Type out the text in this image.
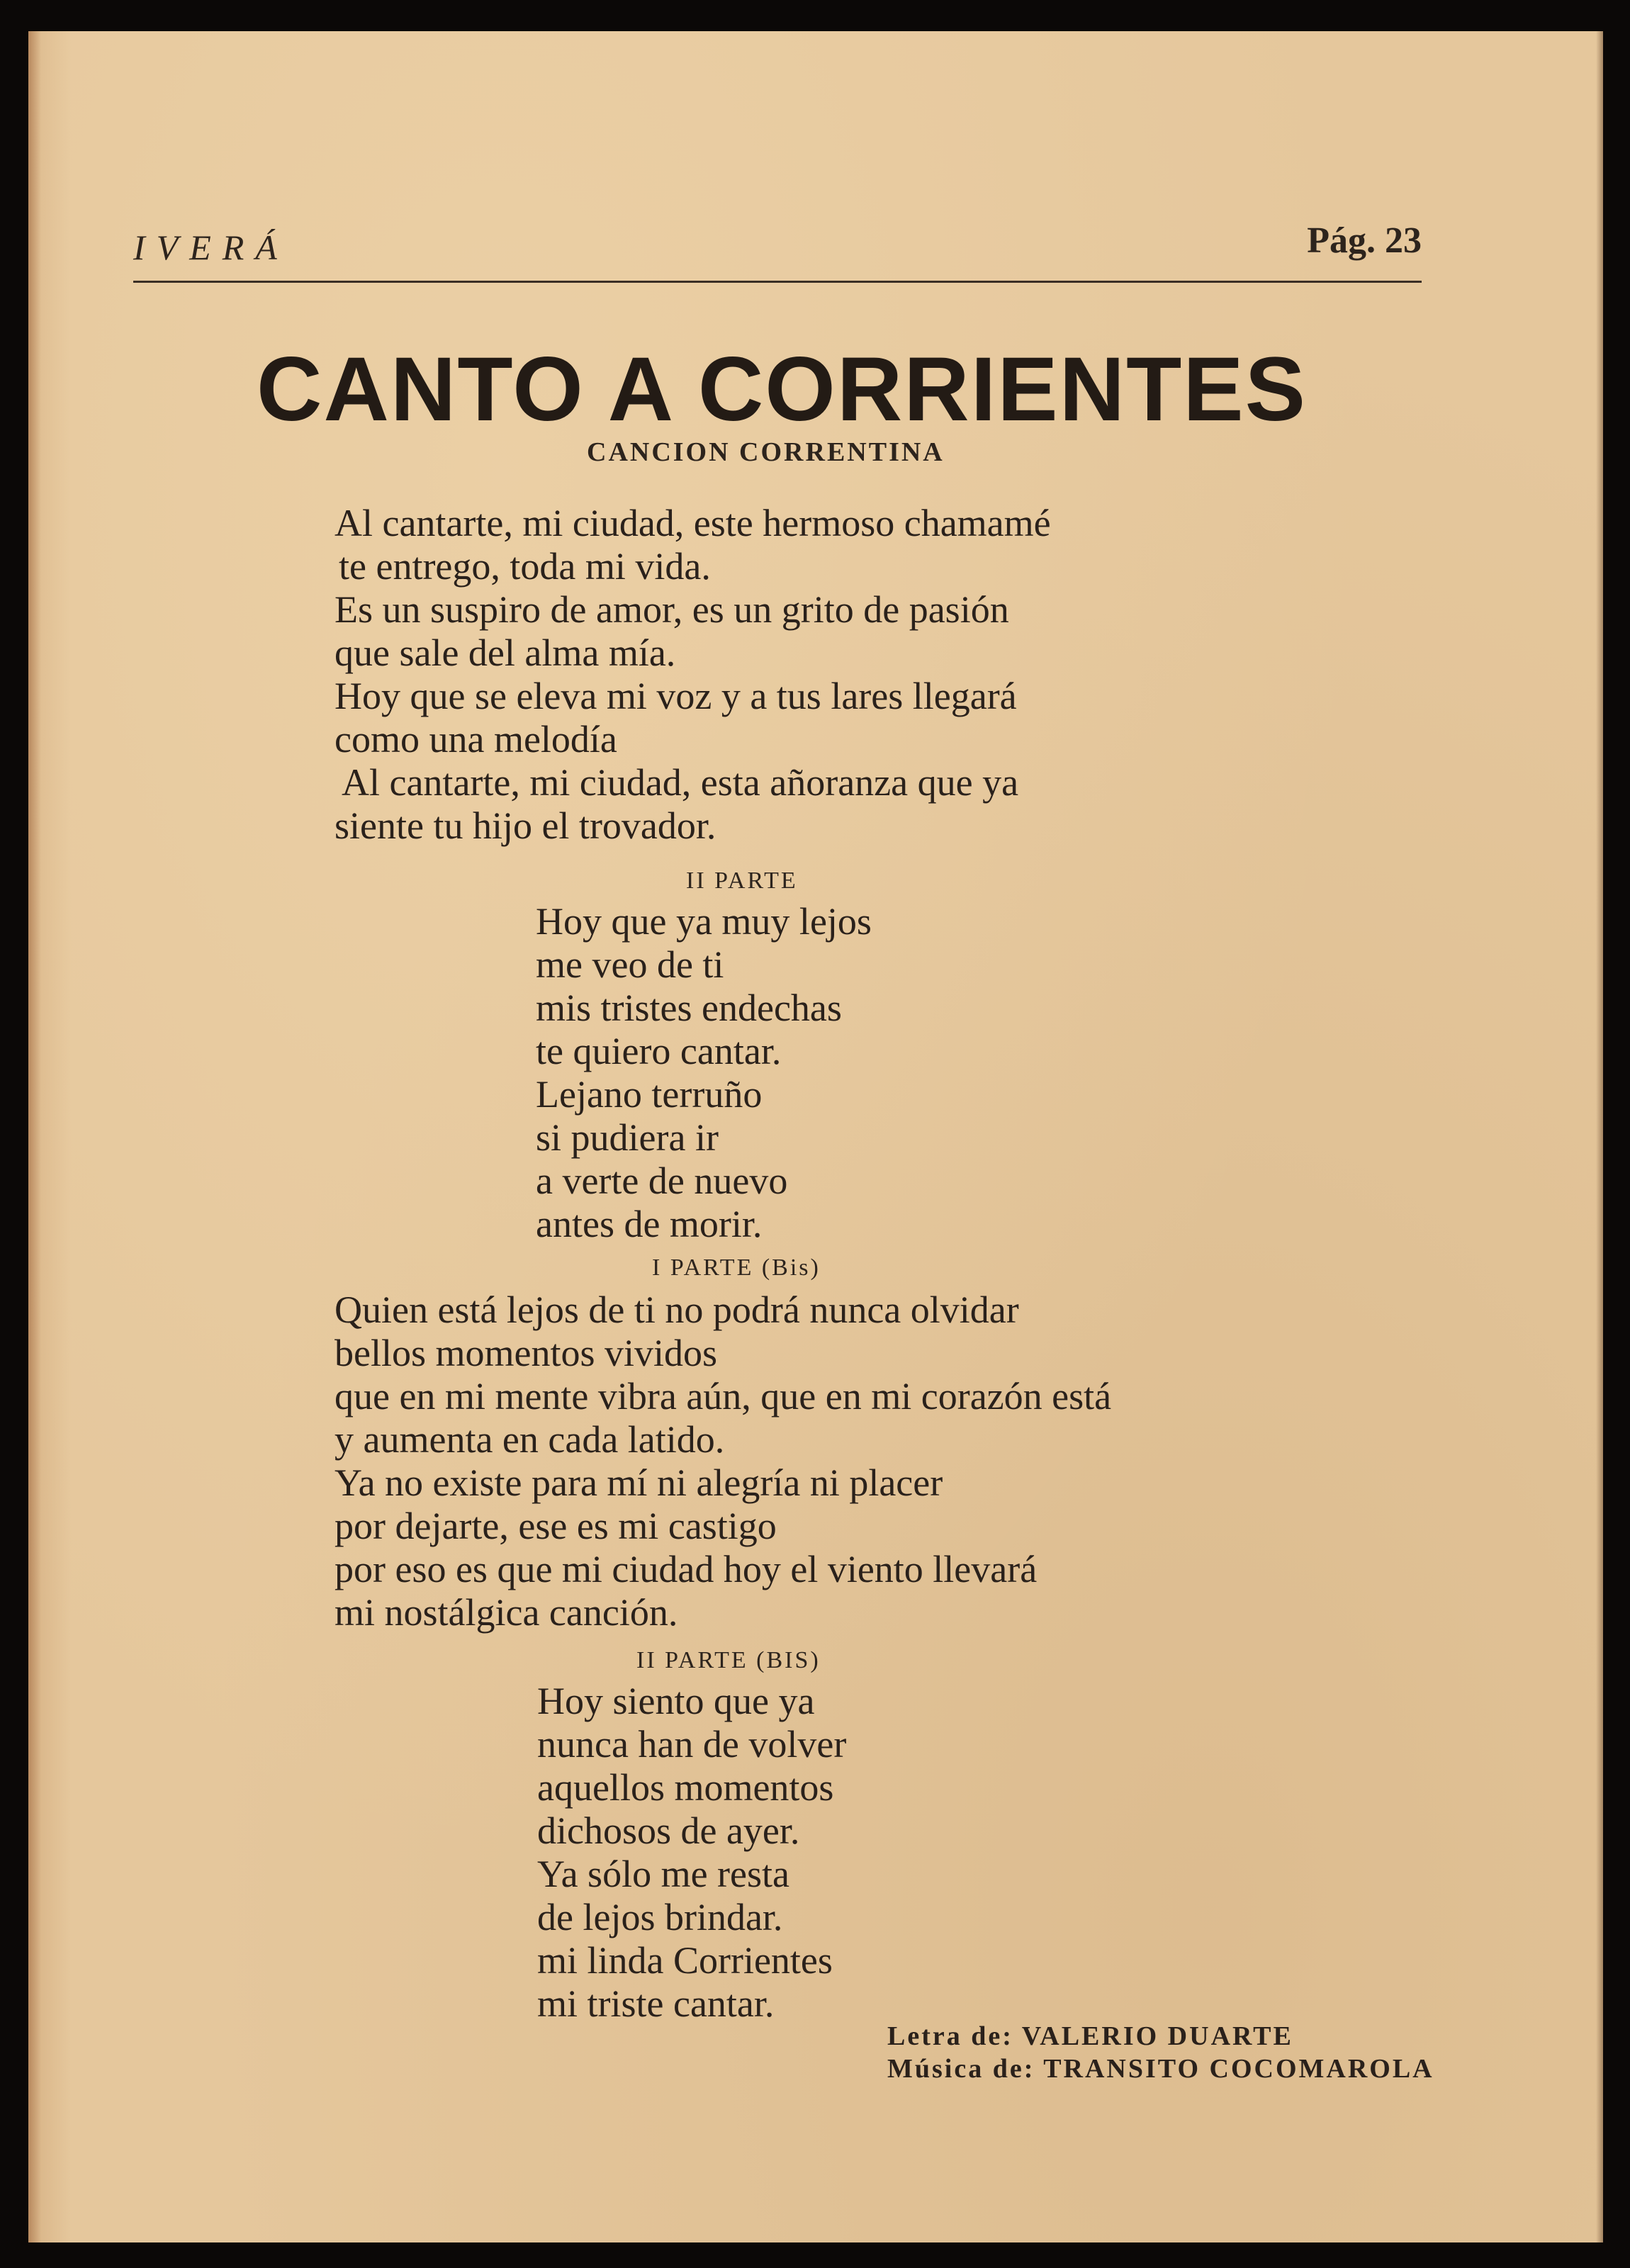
IVERÁ	Pág. 23
CANTO A CORRIENTES
CANCION CORRENTINA
Al cantarte, mi ciudad, este hermoso chamamé
te entrego, toda mi vida.
Es un suspiro de amor, es un grito de pasión
que sale del alma mía.
Hoy que se eleva mi voz y a tus lares llegará
como una melodía
Al cantarte, mi ciudad, esta añoranza que ya
siente tu hijo el trovador.
II PARTE
Hoy que ya muy lejos
me veo de ti
mis tristes endechas
te quiero cantar.
Lejano terruño
si pudiera ir
a verte de nuevo
antes de morir.
I PARTE (Bis)
Quien está lejos de ti no podrá nunca olvidar
bellos momentos vividos
que en mi mente vibra aún, que en mi corazón está
y aumenta en cada latido.
Ya no existe para mí ni alegría ni placer
por dejarte, ese es mi castigo
por eso es que mi ciudad hoy el viento llevará
mi nostálgica canción.
II PARTE (BIS)
Hoy siento que ya
nunca han de volver
aquellos momentos
dichosos de ayer.
Ya sólo me resta
de lejos brindar.
mi linda Corrientes
mi triste cantar.
Letra de: VALERIO DUARTE
Música de: TRANSITO COCOMAROLA
